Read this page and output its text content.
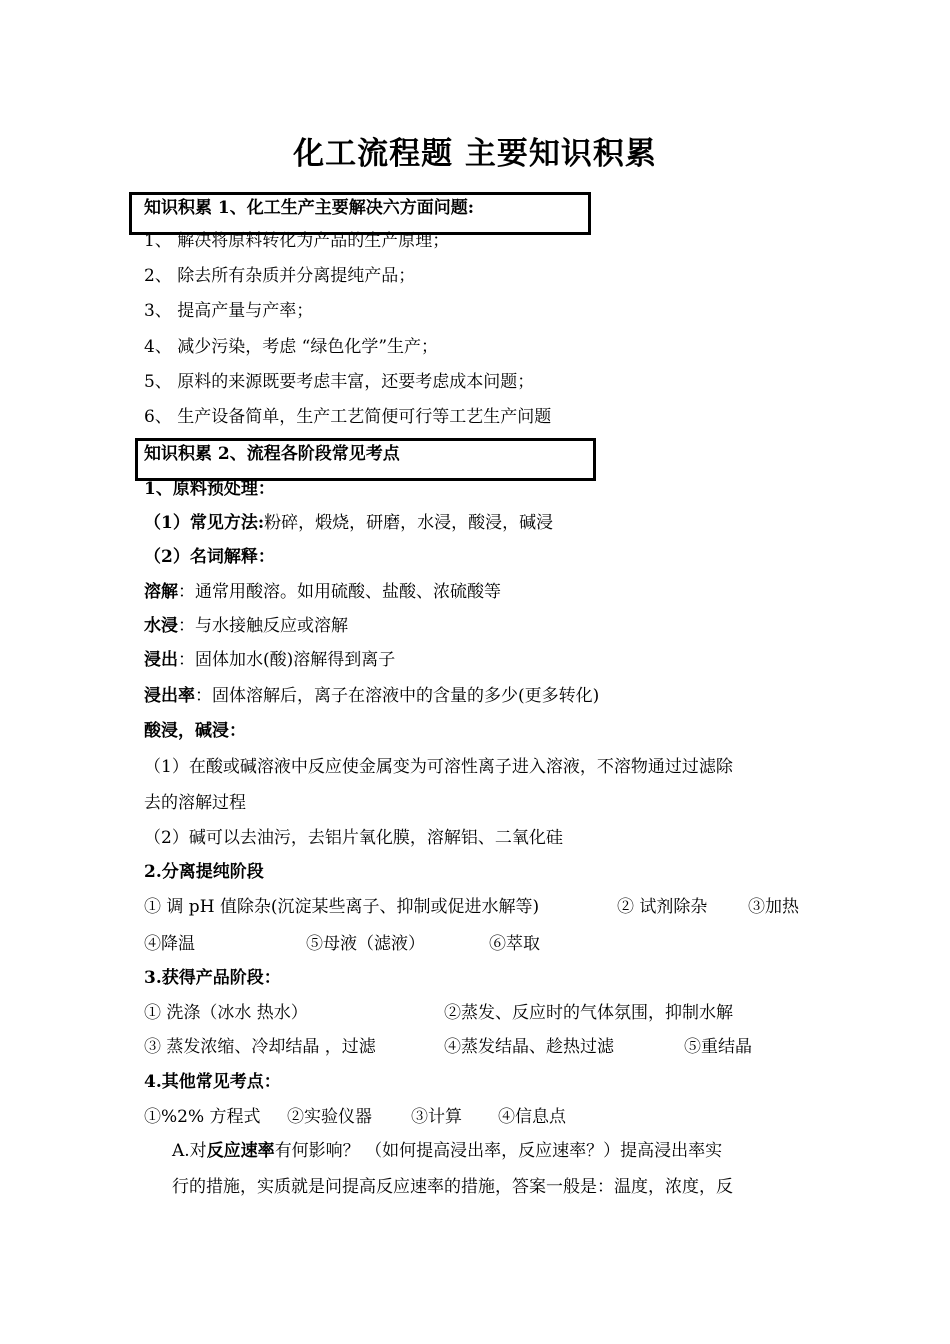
化工流程题 主要知识积累
知识积累 1、化工生产主要解决六方面问题:
1、 解决将原料转化为产品的生产原理；
2、 除去所有杂质并分离提纯产品；
3、 提高产量与产率；
4、 减少污染，考虑 “绿色化学”生产；
5、 原料的来源既要考虑丰富，还要考虑成本问题；
6、 生产设备简单，生产工艺简便可行等工艺生产问题
知识积累 2、流程各阶段常见考点
1、原料预处理：
（1）常见方法:粉碎，煅烧，研磨，水浸，酸浸，碱浸
（2）名词解释：
溶解：通常用酸溶。如用硫酸、盐酸、浓硫酸等
水浸：与水接触反应或溶解
浸出：固体加水(酸)溶解得到离子
浸出率：固体溶解后，离子在溶液中的含量的多少(更多转化)
酸浸，碱浸：
（1）在酸或碱溶液中反应使金属变为可溶性离子进入溶液，不溶物通过过滤除
去的溶解过程
（2）碱可以去油污，去铝片氧化膜，溶解铝、二氧化硅
2.分离提纯阶段
① 调 pH 值除杂(沉淀某些离子、抑制或促进水解等)	② 试剂除杂 ③加热
④降温	⑤母液（滤液）	⑥萃取
3.获得产品阶段：
① 洗涤（冰水 热水）	②蒸发、反应时的气体氛围，抑制水解
③ 蒸发浓缩、冷却结晶 ，过滤	④蒸发结晶、趁热过滤	⑤重结晶
4.其他常见考点：
①%2% 方程式 ②实验仪器 ③计算 ④信息点
A.对反应速率有何影响？ （如何提高浸出率，反应速率？）提高浸出率实
行的措施，实质就是问提高反应速率的措施，答案一般是：温度，浓度，反
